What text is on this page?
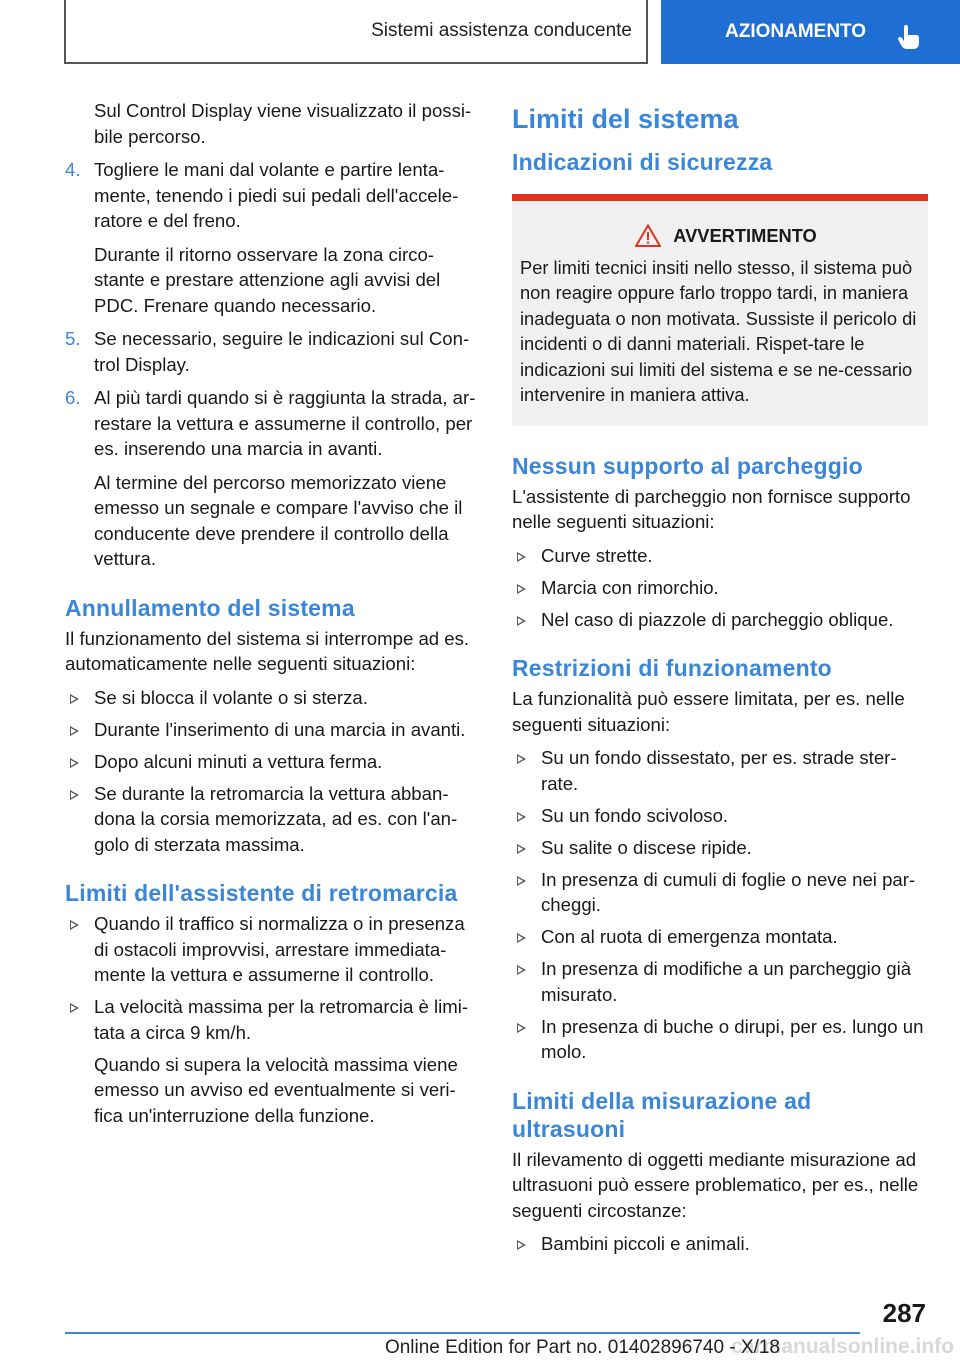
Sistemi assistenza conducente	AZIONAMENTO

Sul Control Display viene visualizzato il possi-bile percorso.

4. Togliere le mani dal volante e partire lenta-mente, tenendo i piedi sui pedali dell'accele-ratore e del freno.

Durante il ritorno osservare la zona circo-stante e prestare attenzione agli avvisi del PDC. Frenare quando necessario.

5. Se necessario, seguire le indicazioni sul Con-trol Display.
6. Al più tardi quando si è raggiunta la strada, ar-restare la vettura e assumerne il controllo, per es. inserendo una marcia in avanti.

Al termine del percorso memorizzato viene emesso un segnale e compare l'avviso che il conducente deve prendere il controllo della vettura.

Annullamento del sistema

Il funzionamento del sistema si interrompe ad es. automaticamente nelle seguenti situazioni:

Se si blocca il volante o si sterza.
Durante l'inserimento di una marcia in avanti.
Dopo alcuni minuti a vettura ferma.
Se durante la retromarcia la vettura abban-dona la corsia memorizzata, ad es. con l'an-golo di sterzata massima.
Limiti dell'assistente di retromarcia
Quando il traffico si normalizza o in presenza di ostacoli improvvisi, arrestare immediata-mente la vettura e assumerne il controllo.
La velocità massima per la retromarcia è limi-tata a circa 9 km/h.

Quando si supera la velocità massima viene emesso un avviso ed eventualmente si veri-fica un'interruzione della funzione.

Limiti del sistema
Indicazioni di sicurezza
AVVERTIMENTO
Per limiti tecnici insiti nello stesso, il sistema può non reagire oppure farlo troppo tardi, in maniera inadeguata o non motivata. Sussiste il pericolo di incidenti o di danni materiali. Rispet-tare le indicazioni sui limiti del sistema e se ne-cessario intervenire in maniera attiva.
Nessun supporto al parcheggio

L'assistente di parcheggio non fornisce supporto nelle seguenti situazioni:

Curve strette.
Marcia con rimorchio.
Nel caso di piazzole di parcheggio oblique.
Restrizioni di funzionamento

La funzionalità può essere limitata, per es. nelle seguenti situazioni:

Su un fondo dissestato, per es. strade ster-rate.
Su un fondo scivoloso.
Su salite o discese ripide.
In presenza di cumuli di foglie o neve nei par-cheggi.
Con al ruota di emergenza montata.
In presenza di modifiche a un parcheggio già misurato.
In presenza di buche o dirupi, per es. lungo un molo.
Limiti della misurazione ad ultrasuoni

Il rilevamento di oggetti mediante misurazione ad ultrasuoni può essere problematico, per es., nelle seguenti circostanze:

Bambini piccoli e animali.
287
Online Edition for Part no. 01402896740 - X/18
carmanualsonline.info
